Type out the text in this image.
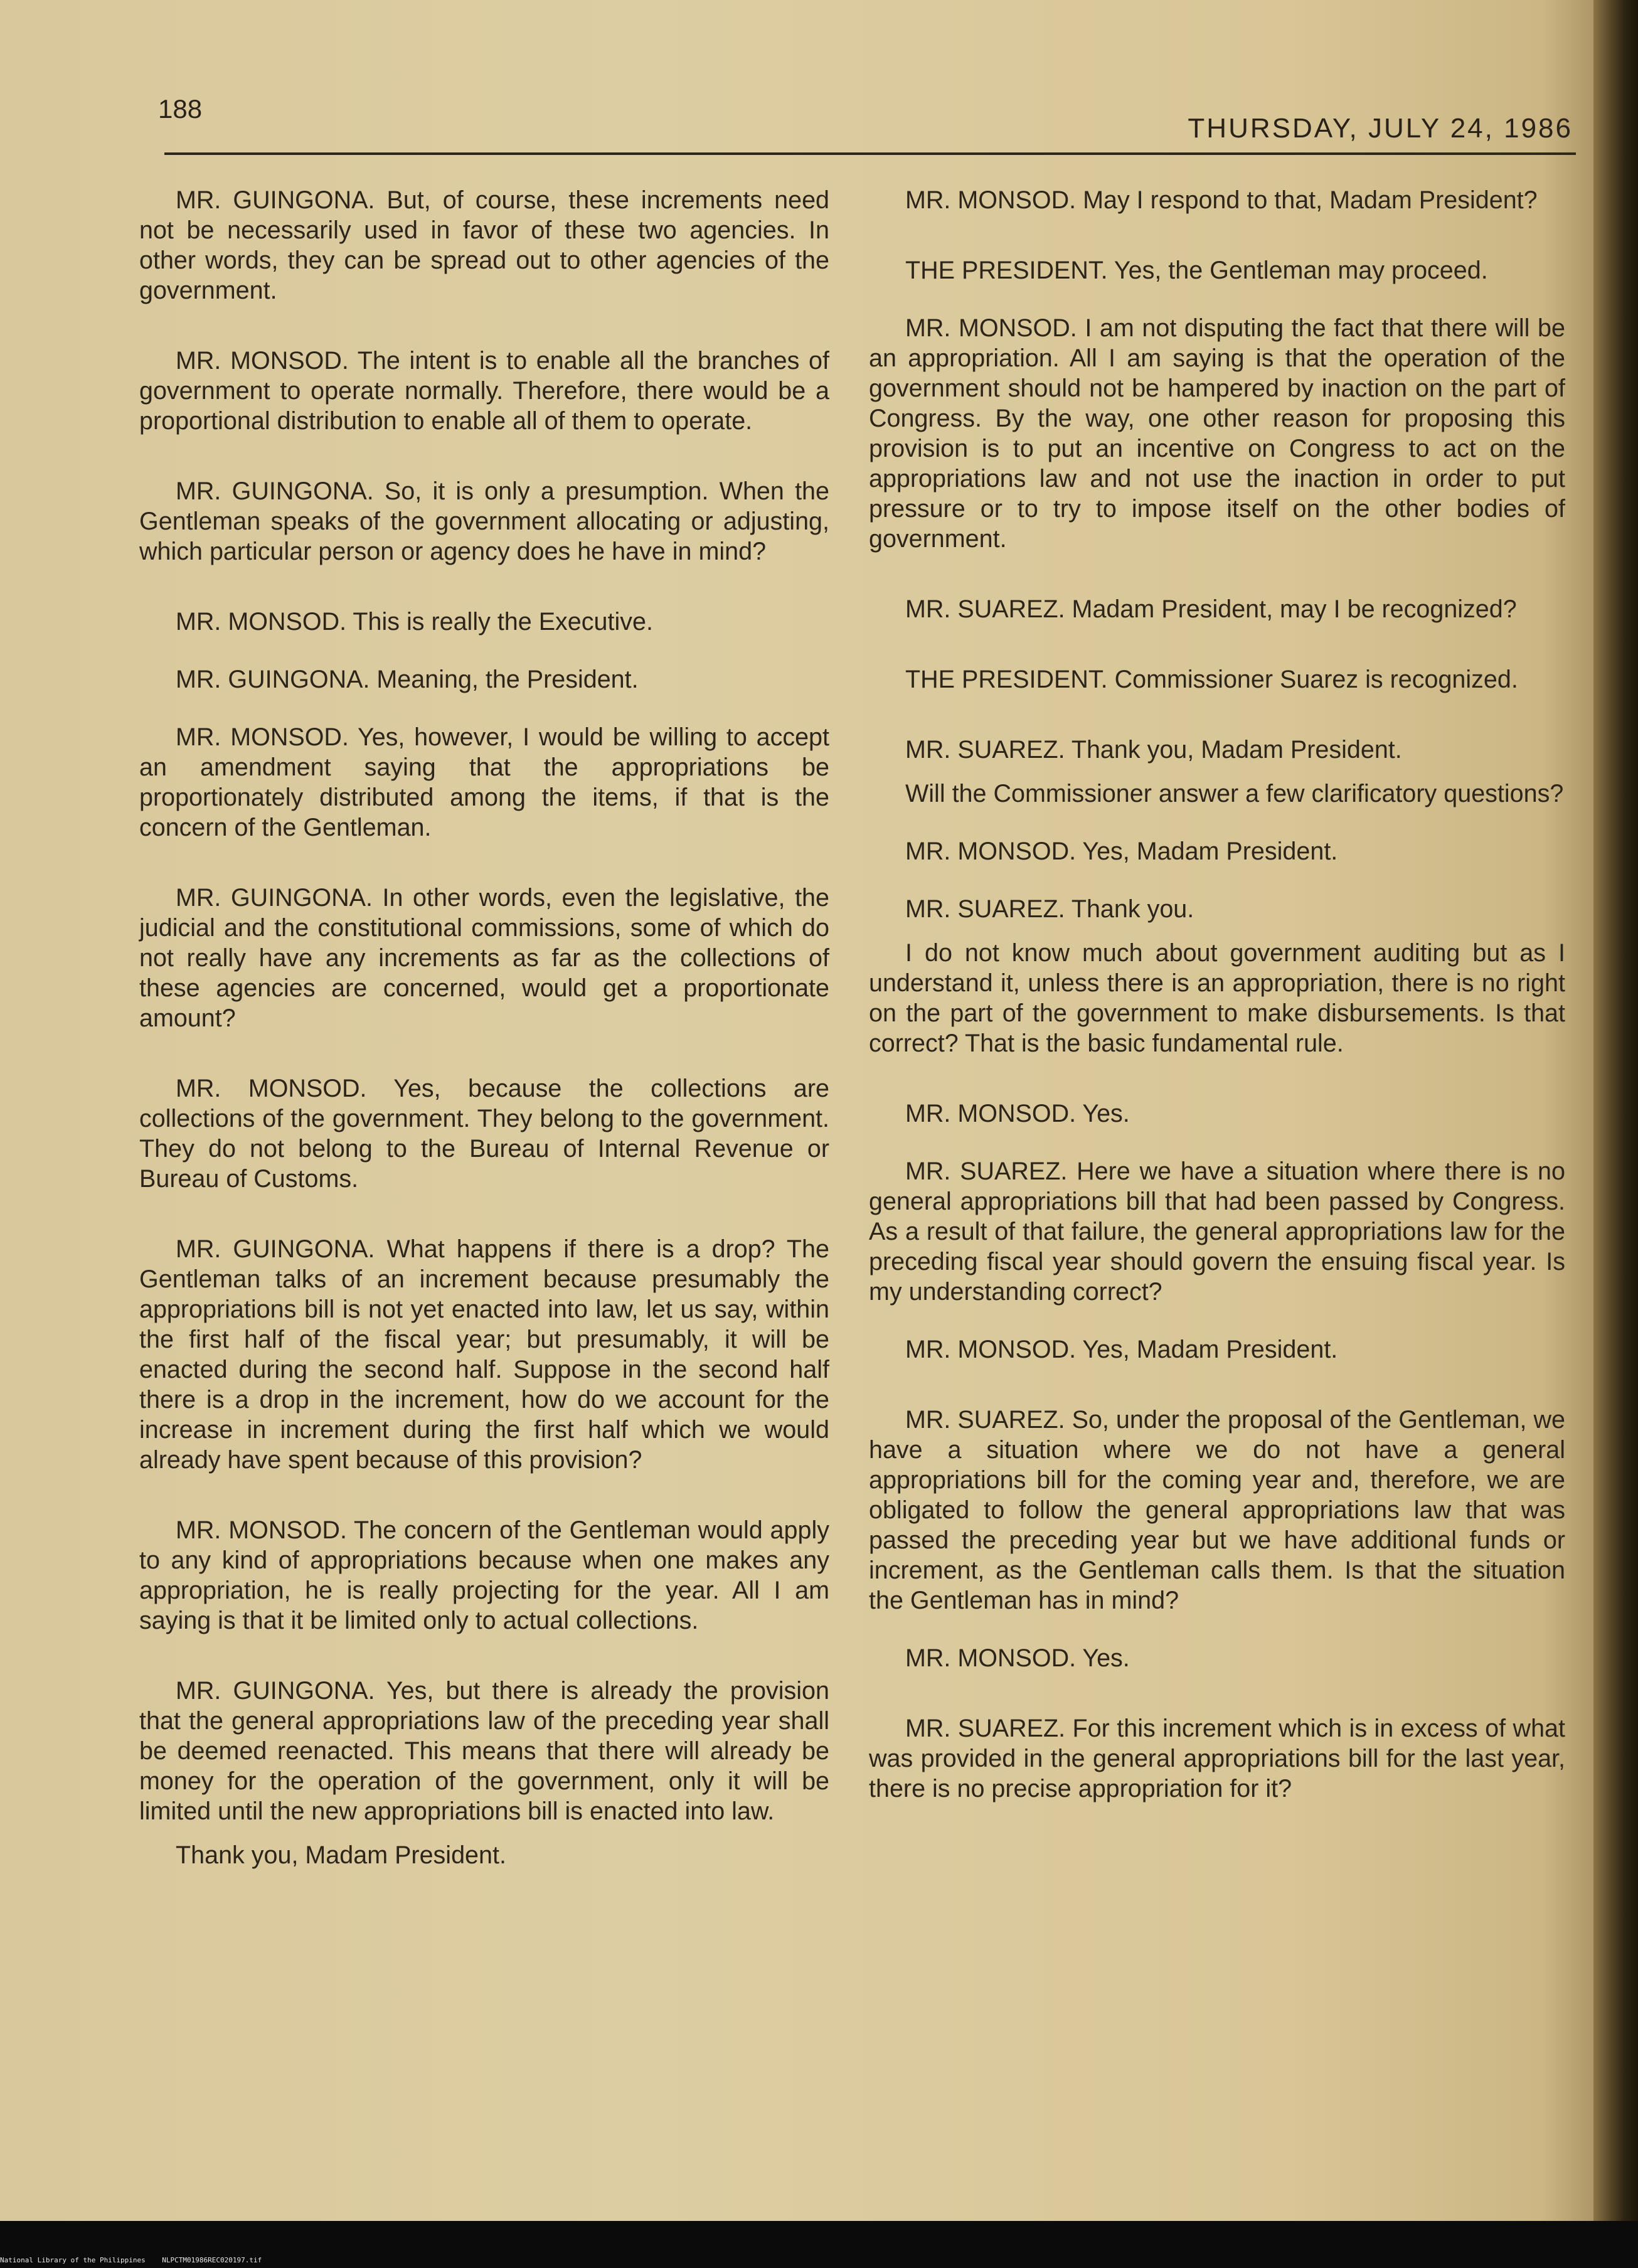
188
THURSDAY, JULY 24, 1986

MR. GUINGONA. But, of course, these increments need not be necessarily used in favor of these two agencies. In other words, they can be spread out to other agencies of the government.

MR. MONSOD. The intent is to enable all the branches of government to operate normally. Therefore, there would be a proportional distribution to enable all of them to operate.

MR. GUINGONA. So, it is only a presumption. When the Gentleman speaks of the government allocating or adjusting, which particular person or agency does he have in mind?

MR. MONSOD. This is really the Executive.

MR. GUINGONA. Meaning, the President.

MR. MONSOD. Yes, however, I would be willing to accept an amendment saying that the appropriations be proportionately distributed among the items, if that is the concern of the Gentleman.

MR. GUINGONA. In other words, even the legislative, the judicial and the constitutional commissions, some of which do not really have any increments as far as the collections of these agencies are concerned, would get a proportionate amount?

MR. MONSOD. Yes, because the collections are collections of the government. They belong to the government. They do not belong to the Bureau of Internal Revenue or Bureau of Customs.

MR. GUINGONA. What happens if there is a drop? The Gentleman talks of an increment because presumably the appropriations bill is not yet enacted into law, let us say, within the first half of the fiscal year; but presumably, it will be enacted during the second half. Suppose in the second half there is a drop in the increment, how do we account for the increase in increment during the first half which we would already have spent because of this provision?

MR. MONSOD. The concern of the Gentleman would apply to any kind of appropriations because when one makes any appropriation, he is really projecting for the year. All I am saying is that it be limited only to actual collections.

MR. GUINGONA. Yes, but there is already the provision that the general appropriations law of the preceding year shall be deemed reenacted. This means that there will already be money for the operation of the government, only it will be limited until the new appropriations bill is enacted into law.

Thank you, Madam President.

MR. MONSOD. May I respond to that, Madam President?

THE PRESIDENT. Yes, the Gentleman may proceed.

MR. MONSOD. I am not disputing the fact that there will be an appropriation. All I am saying is that the operation of the government should not be hampered by inaction on the part of Congress. By the way, one other reason for proposing this provision is to put an incentive on Congress to act on the appropriations law and not use the inaction in order to put pressure or to try to impose itself on the other bodies of government.

MR. SUAREZ. Madam President, may I be recognized?

THE PRESIDENT. Commissioner Suarez is recognized.

MR. SUAREZ. Thank you, Madam President.

Will the Commissioner answer a few clarificatory questions?

MR. MONSOD. Yes, Madam President.

MR. SUAREZ. Thank you.

I do not know much about government auditing but as I understand it, unless there is an appropriation, there is no right on the part of the government to make disbursements. Is that correct? That is the basic fundamental rule.

MR. MONSOD. Yes.

MR. SUAREZ. Here we have a situation where there is no general appropriations bill that had been passed by Congress. As a result of that failure, the general appropriations law for the preceding fiscal year should govern the ensuing fiscal year. Is my understanding correct?

MR. MONSOD. Yes, Madam President.

MR. SUAREZ. So, under the proposal of the Gentleman, we have a situation where we do not have a general appropriations bill for the coming year and, therefore, we are obligated to follow the general appropriations law that was passed the preceding year but we have additional funds or increment, as the Gentleman calls them. Is that the situation the Gentleman has in mind?

MR. MONSOD. Yes.

MR. SUAREZ. For this increment which is in excess of what was provided in the general appropriations bill for the last year, there is no precise appropriation for it?

National Library of the Philippines    NLPCTM01986REC020197.tif
